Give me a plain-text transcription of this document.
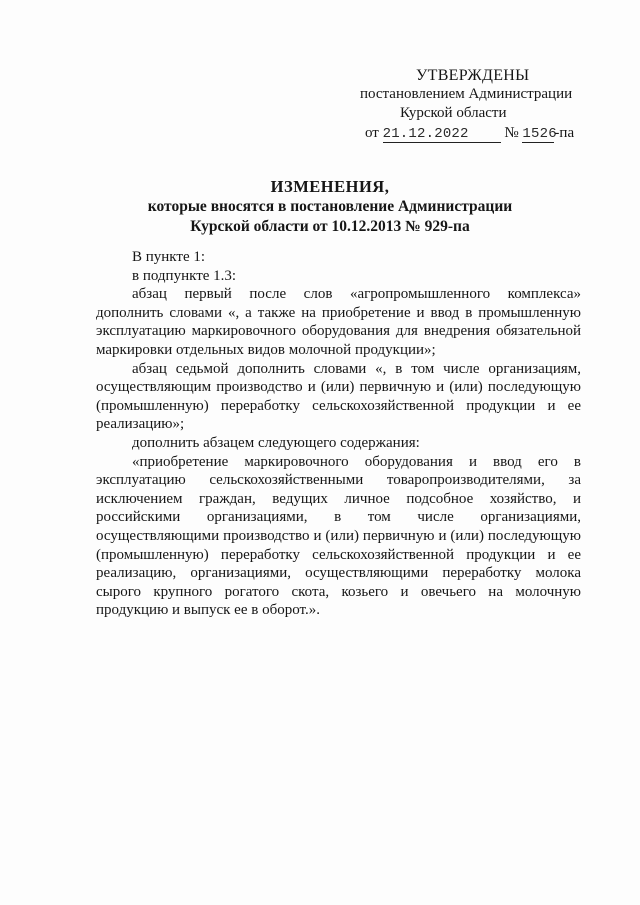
УТВЕРЖДЕНЫ
постановлением Администрации
Курской области
от 21.12.2022 № 1526-па
ИЗМЕНЕНИЯ,
которые вносятся в постановление Администрации
Курской области от 10.12.2013 № 929-па

В пункте 1:

в подпункте 1.3:

абзац первый после слов «агропромышленного комплекса» дополнить словами «, а также на приобретение и ввод в промышленную эксплуатацию маркировочного оборудования для внедрения обязательной маркировки отдельных видов молочной продукции»;

абзац седьмой дополнить словами «, в том числе организациям, осуществляющим производство и (или) первичную и (или) последующую (промышленную) переработку сельскохозяйственной продукции и ее реализацию»;

дополнить абзацем следующего содержания:

«приобретение маркировочного оборудования и ввод его в эксплуатацию сельскохозяйственными товаропроизводителями, за исключением граждан, ведущих личное подсобное хозяйство, и российскими организациями, в том числе организациями, осуществляющими производство и (или) первичную и (или) последующую (промышленную) переработку сельскохозяйственной продукции и ее реализацию, организациями, осуществляющими переработку молока сырого крупного рогатого скота, козьего и овечьего на молочную продукцию и выпуск ее в оборот.».
